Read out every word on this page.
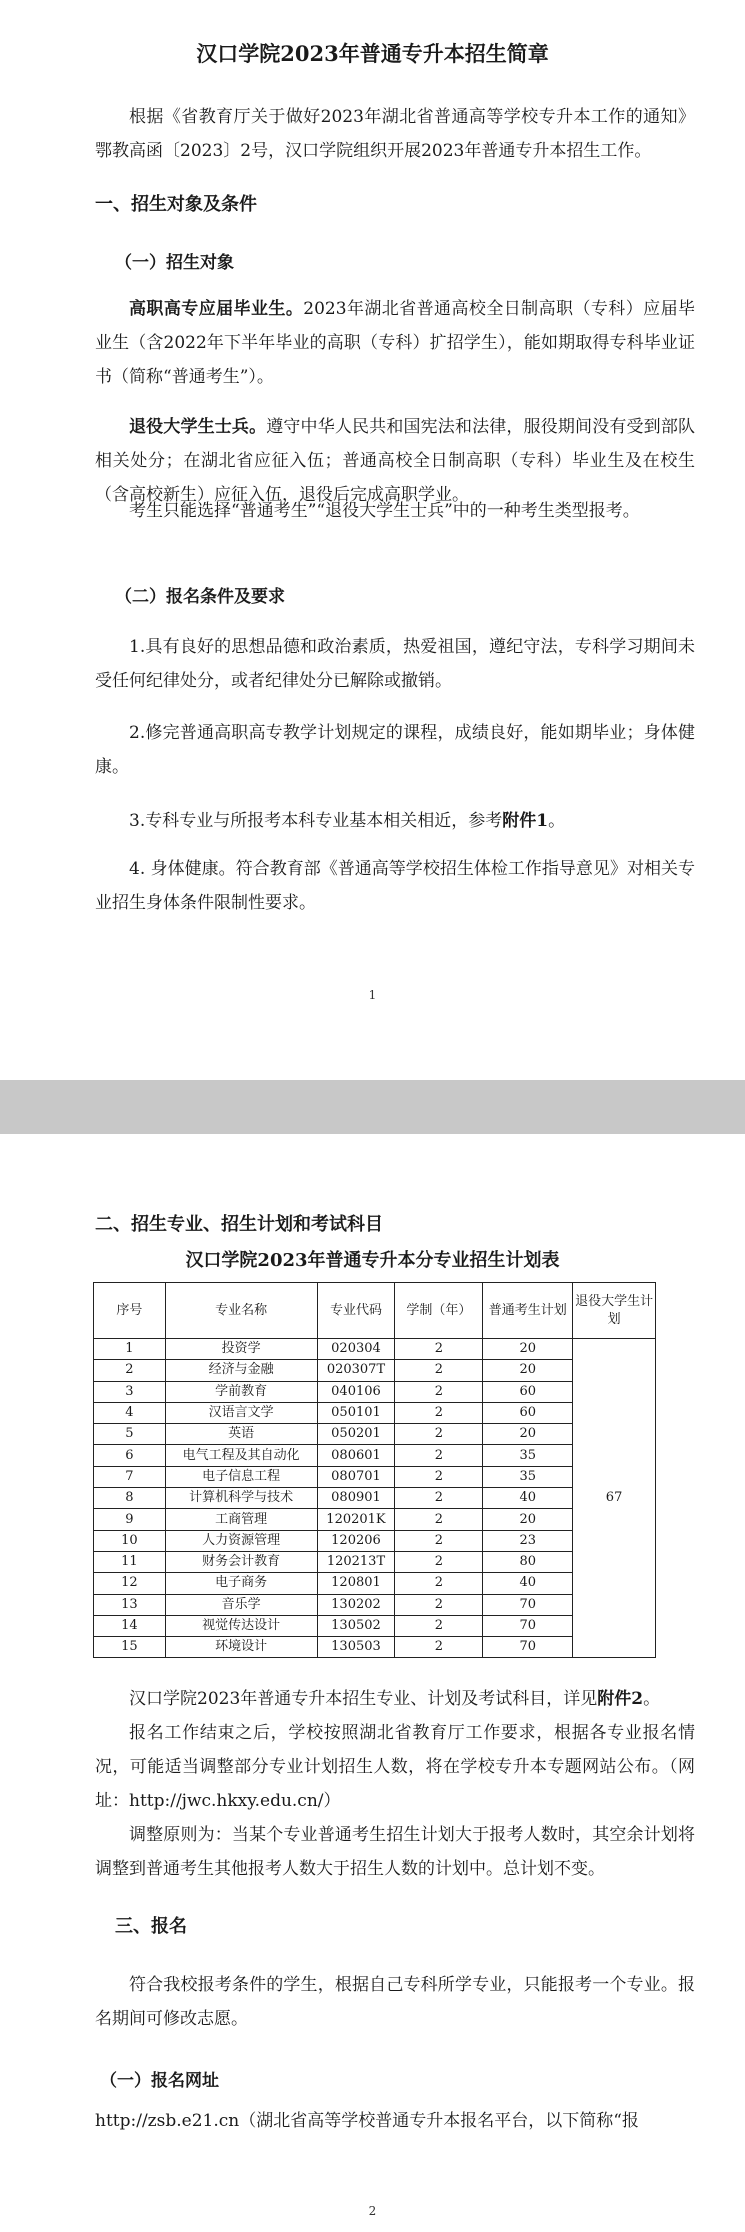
汉口学院2023年普通专升本招生简章
根据《省教育厅关于做好2023年湖北省普通高等学校专升本工作的通知》鄂教高函〔2023〕2号，汉口学院组织开展2023年普通专升本招生工作。
一、招生对象及条件
（一）招生对象
高职高专应届毕业生。2023年湖北省普通高校全日制高职（专科）应届毕业生（含2022年下半年毕业的高职（专科）扩招学生），能如期取得专科毕业证书（简称“普通考生”）。
退役大学生士兵。遵守中华人民共和国宪法和法律，服役期间没有受到部队相关处分；在湖北省应征入伍；普通高校全日制高职（专科）毕业生及在校生（含高校新生）应征入伍，退役后完成高职学业。
考生只能选择“普通考生”“退役大学生士兵”中的一种考生类型报考。
（二）报名条件及要求
1.具有良好的思想品德和政治素质，热爱祖国，遵纪守法，专科学习期间未受任何纪律处分，或者纪律处分已解除或撤销。
2.修完普通高职高专教学计划规定的课程，成绩良好，能如期毕业；身体健康。
3.专科专业与所报考本科专业基本相关相近，参考附件1。
4. 身体健康。符合教育部《普通高等学校招生体检工作指导意见》对相关专业招生身体条件限制性要求。
1
二、招生专业、招生计划和考试科目
汉口学院2023年普通专升本分专业招生计划表
序号	专业名称	专业代码	学制（年）	普通考生计划	退役大学生计划
1	投资学	020304	2	20	67
2	经济与金融	020307T	2	20	
3	学前教育	040106	2	60	
4	汉语言文学	050101	2	60	
5	英语	050201	2	20	
6	电气工程及其自动化	080601	2	35	
7	电子信息工程	080701	2	35	
8	计算机科学与技术	080901	2	40	
9	工商管理	120201K	2	20	
10	人力资源管理	120206	2	23	
11	财务会计教育	120213T	2	80	
12	电子商务	120801	2	40	
13	音乐学	130202	2	70	
14	视觉传达设计	130502	2	70	
15	环境设计	130503	2	70	
汉口学院2023年普通专升本招生专业、计划及考试科目，详见附件2。
报名工作结束之后，学校按照湖北省教育厅工作要求，根据各专业报名情况，可能适当调整部分专业计划招生人数，将在学校专升本专题网站公布。（网址：http://jwc.hkxy.edu.cn/）
调整原则为：当某个专业普通考生招生计划大于报考人数时，其空余计划将调整到普通考生其他报考人数大于招生人数的计划中。总计划不变。
三、报名
符合我校报考条件的学生，根据自己专科所学专业，只能报考一个专业。报名期间可修改志愿。
（一）报名网址
http://zsb.e21.cn（湖北省高等学校普通专升本报名平台，以下简称“报
2
